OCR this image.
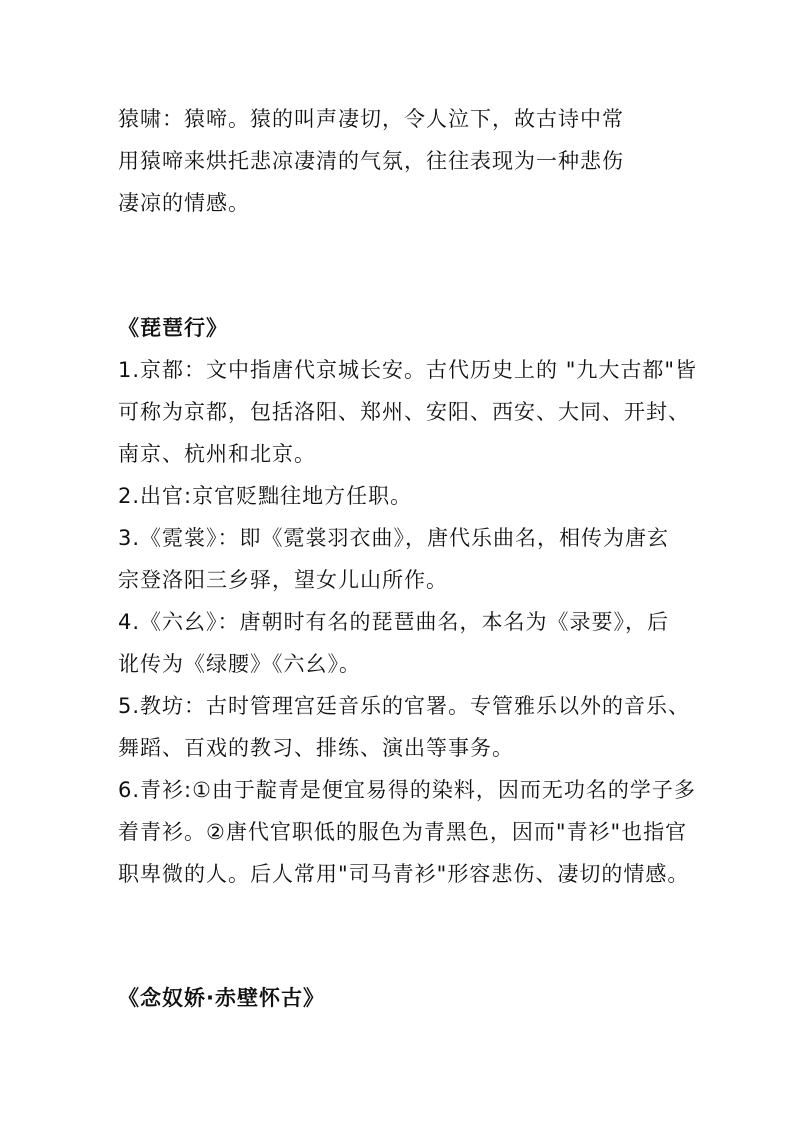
猿啸：猿啼。猿的叫声凄切，令人泣下，故古诗中常
用猿啼来烘托悲凉凄清的气氛，往往表现为一种悲伤
凄凉的情感。
《琵琶行》
1.京都：文中指唐代京城长安。古代历史上的 "九大古都"皆
可称为京都，包括洛阳、郑州、安阳、西安、大同、开封、
南京、杭州和北京。
2.出官:京官贬黜往地方任职。
3.《霓裳》：即《霓裳羽衣曲》，唐代乐曲名，相传为唐玄
宗登洛阳三乡驿，望女儿山所作。
4.《六幺》：唐朝时有名的琵琶曲名，本名为《录要》，后
讹传为《绿腰》《六幺》。
5.教坊：古时管理宫廷音乐的官署。专管雅乐以外的音乐、
舞蹈、百戏的教习、排练、演出等事务。
6.青衫:①由于靛青是便宜易得的染料，因而无功名的学子多
着青衫。②唐代官职低的服色为青黑色，因而"青衫"也指官
职卑微的人。后人常用"司马青衫"形容悲伤、凄切的情感。
《念奴娇·赤壁怀古》
